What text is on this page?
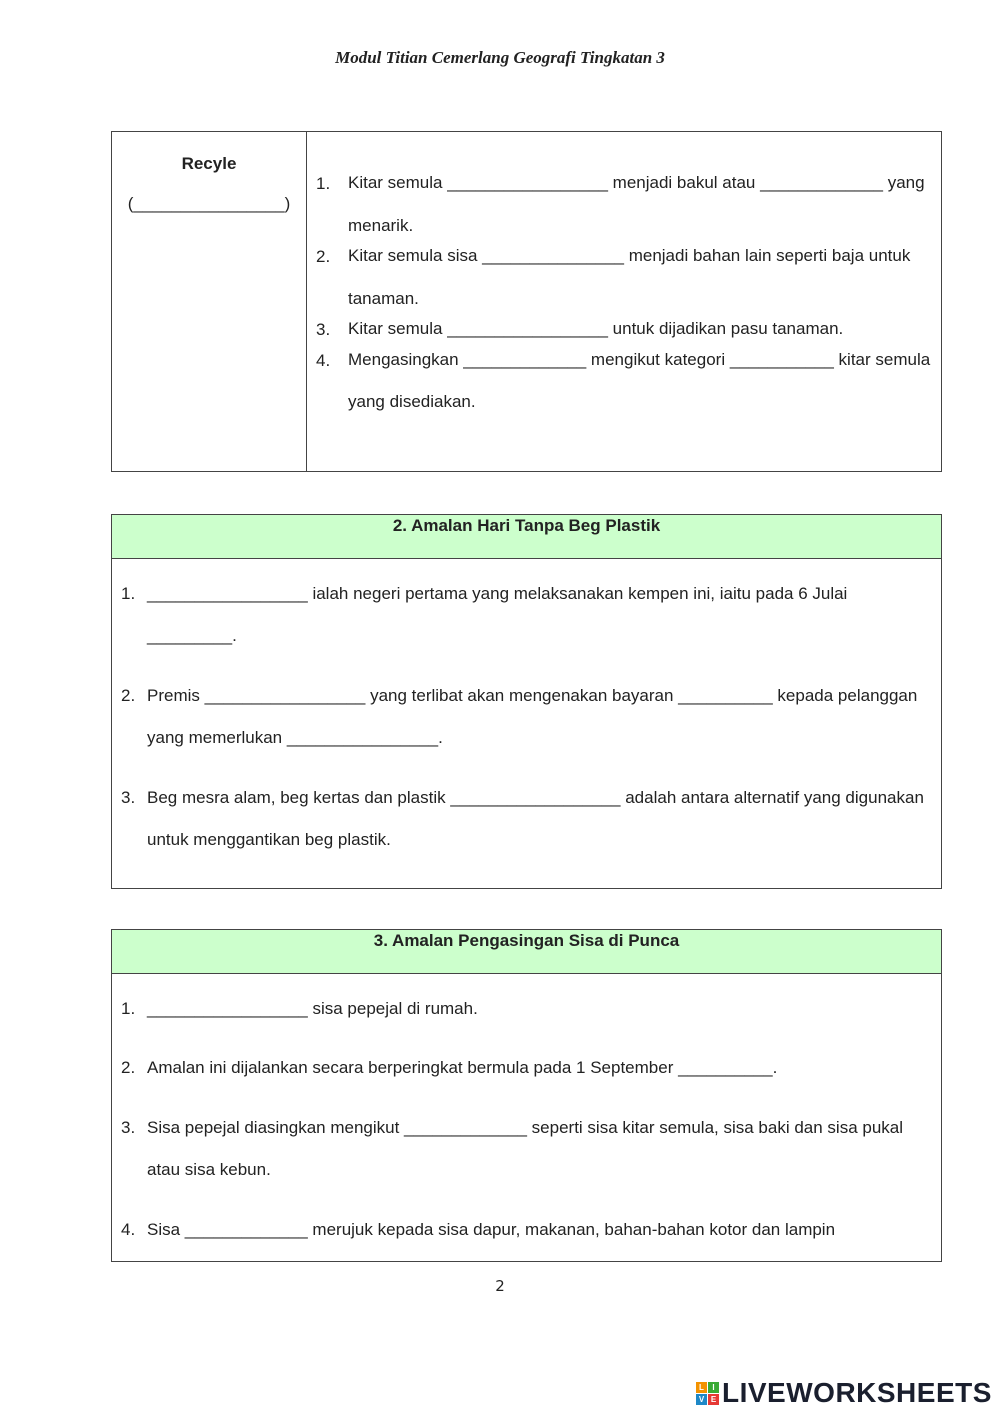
Modul Titian Cemerlang Geografi Tingkatan 3
Recyle
(________________)
1.	Kitar semula _________________ menjadi bakul atau _____________ yang menarik.
2.	Kitar semula sisa _______________ menjadi bahan lain seperti baja untuk tanaman.
3.	Kitar semula _________________ untuk dijadikan pasu tanaman.
4.	Mengasingkan _____________ mengikut kategori ___________ kitar semula yang disediakan.
2. Amalan Hari Tanpa Beg Plastik
1. _________________ ialah negeri pertama yang melaksanakan kempen ini, iaitu pada 6 Julai _________.
2. Premis _________________ yang terlibat akan mengenakan bayaran __________ kepada pelanggan yang memerlukan ________________.
3. Beg mesra alam, beg kertas dan plastik __________________ adalah antara alternatif yang digunakan untuk menggantikan beg plastik.
3. Amalan Pengasingan Sisa di Punca
1. _________________ sisa pepejal di rumah.
2. Amalan ini dijalankan secara berperingkat bermula pada 1 September __________.
3. Sisa pepejal diasingkan mengikut _____________ seperti sisa kitar semula, sisa baki dan sisa pukal atau sisa kebun.
4. Sisa _____________ merujuk kepada sisa dapur, makanan, bahan-bahan kotor dan lampin
2
L	I
V E LIVEWORKSHEETS
